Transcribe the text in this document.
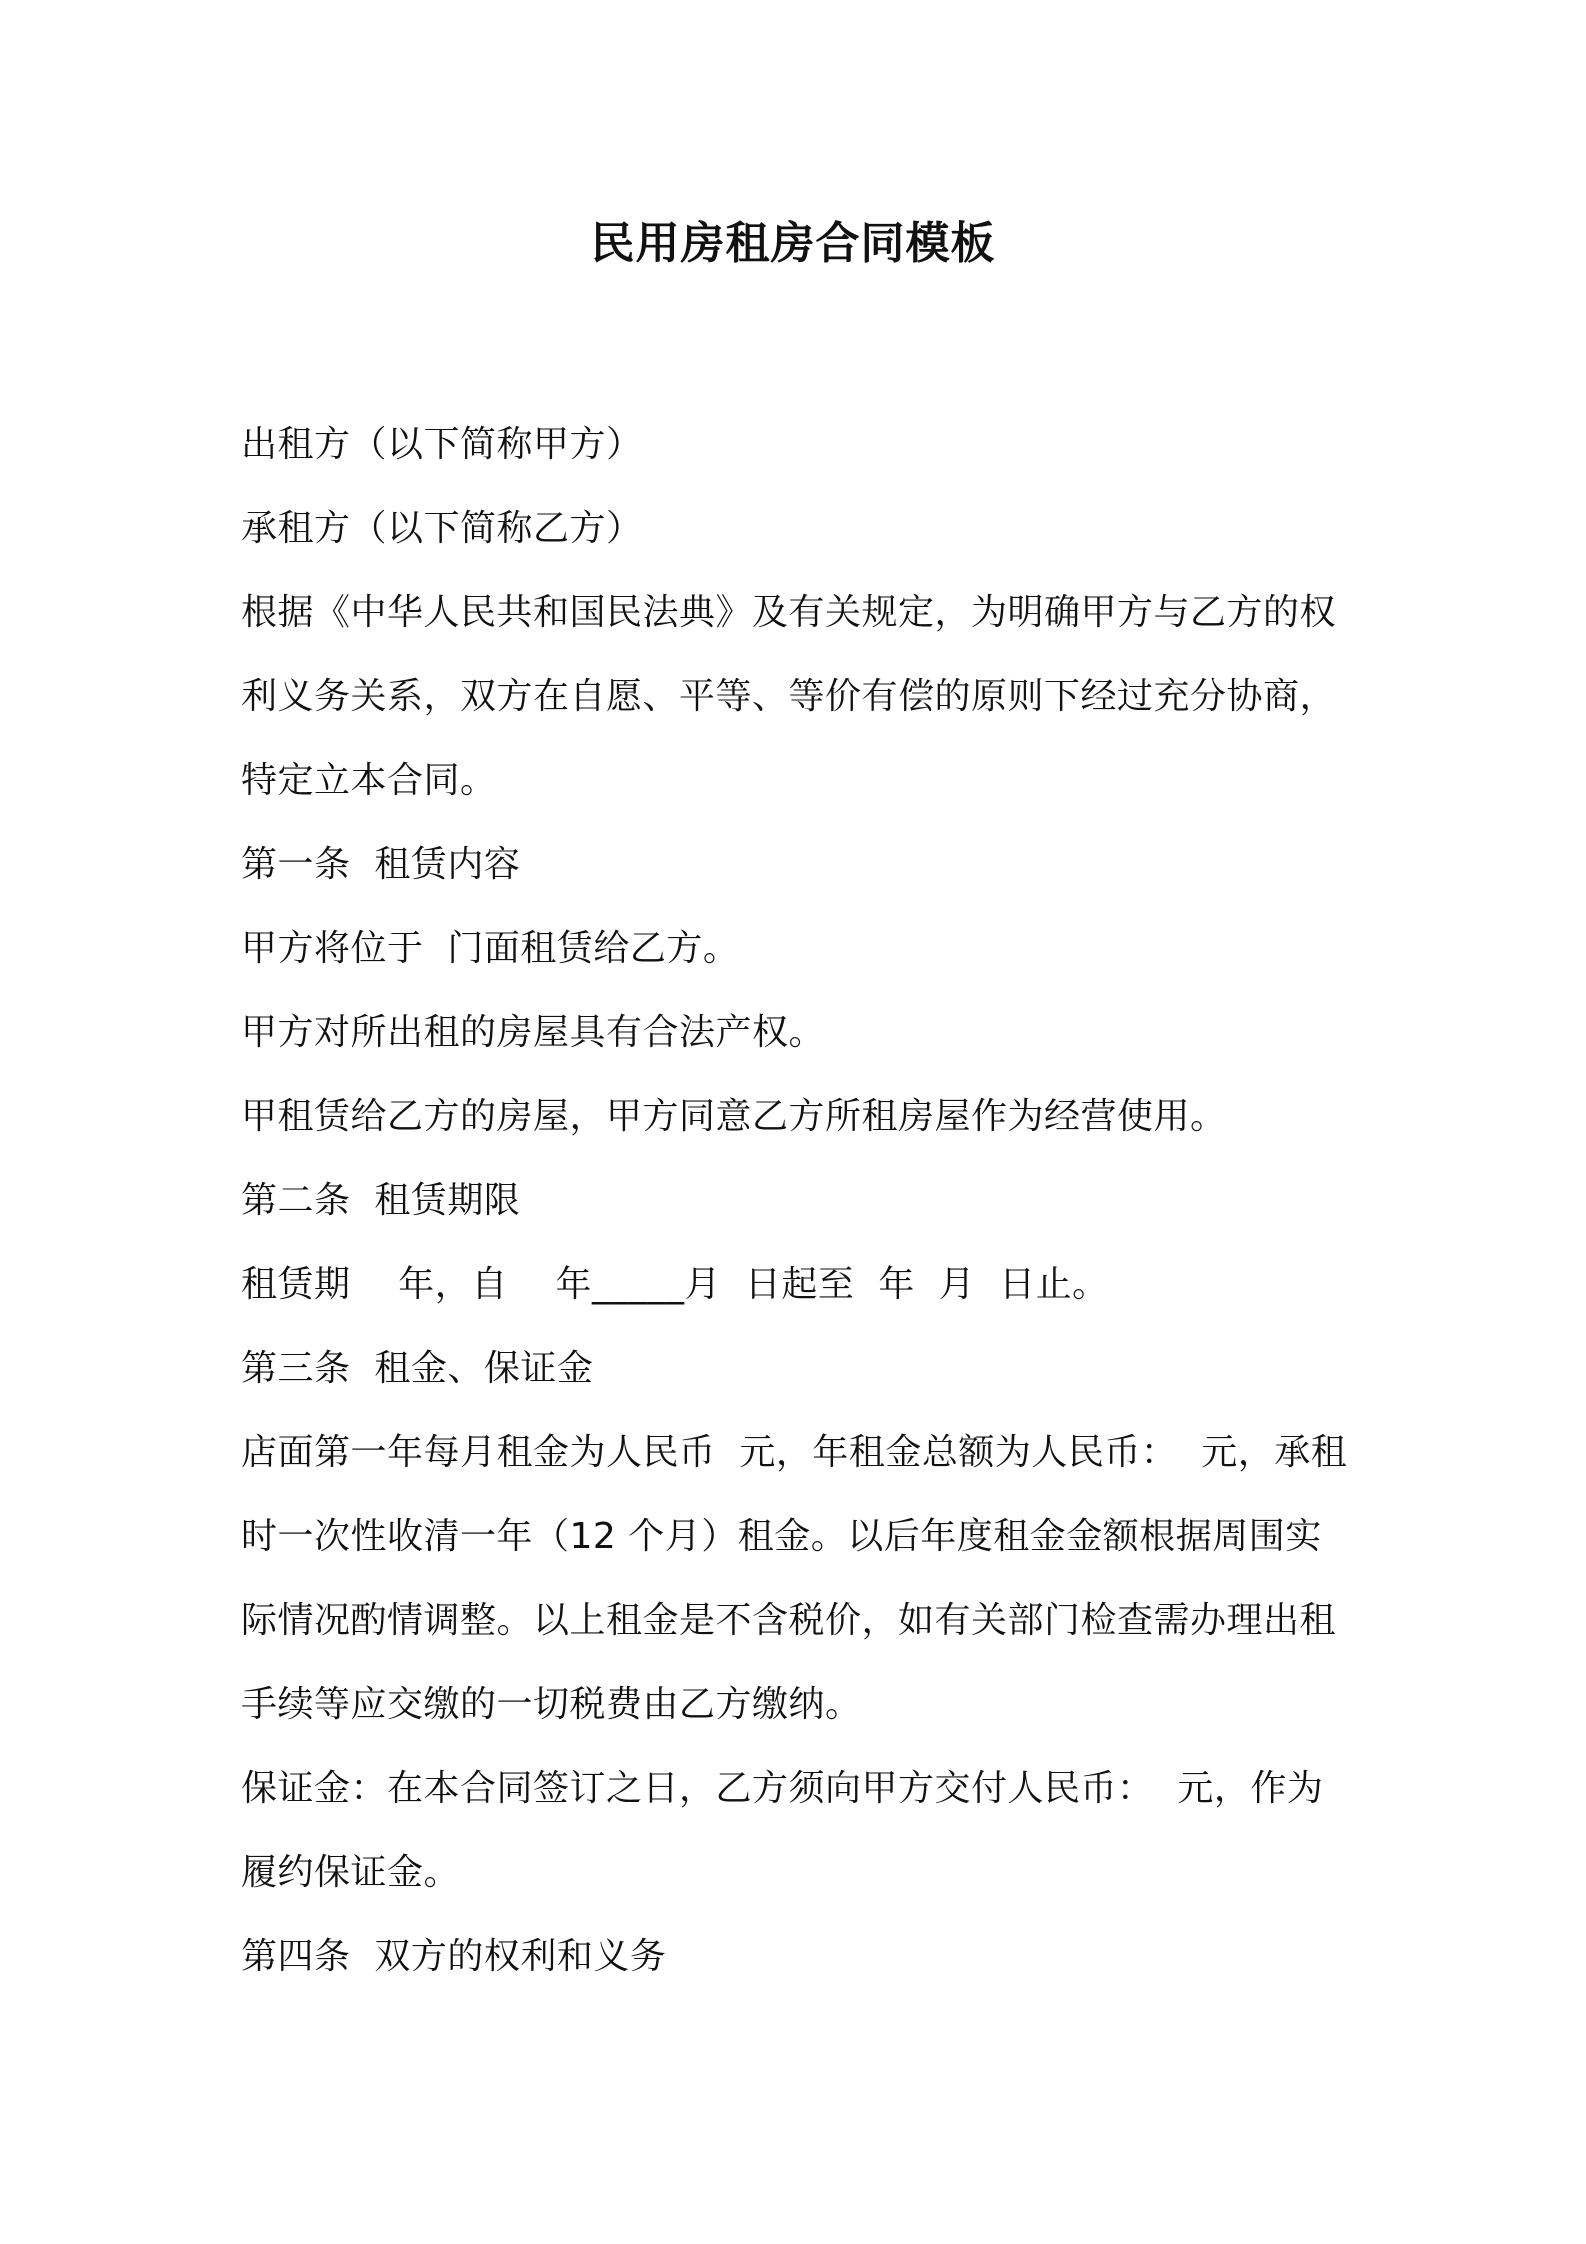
民用房租房合同模板
出租方（以下简称甲方）
承租方（以下简称乙方）
根据《中华人民共和国民法典》及有关规定，为明确甲方与乙方的权
利义务关系，双方在自愿、平等、等价有偿的原则下经过充分协商，
特定立本合同。
第一条  租赁内容
甲方将位于  门面租赁给乙方。
甲方对所出租的房屋具有合法产权。
甲租赁给乙方的房屋，甲方同意乙方所租房屋作为经营使用。
第二条  租赁期限
租赁期    年，自    年_____月  日起至  年  月  日止。
第三条  租金、保证金
店面第一年每月租金为人民币  元，年租金总额为人民币：  元，承租
时一次性收清一年（12 个月）租金。以后年度租金金额根据周围实
际情况酌情调整。以上租金是不含税价，如有关部门检查需办理出租
手续等应交缴的一切税费由乙方缴纳。
保证金：在本合同签订之日，乙方须向甲方交付人民币：  元，作为
履约保证金。
第四条  双方的权利和义务
